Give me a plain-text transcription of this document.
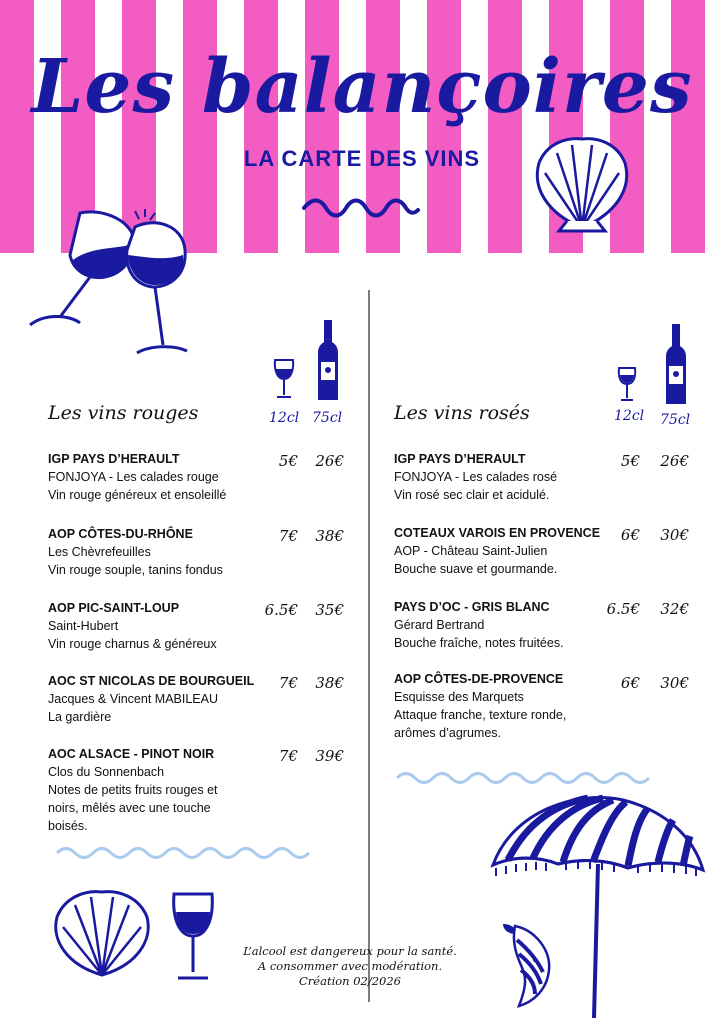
Les balançoires
LA CARTE DES VINS
Les vins rouges	12cl 75cl
IGP PAYS D’HERAULT
FONJOYA - Les calades rouge
Vin rouge généreux et ensoleillé
5€	26€
AOP CÔTES-DU-RHÔNE
Les Chèvrefeuilles
Vin rouge souple, tanins fondus
7€	38€
AOP PIC-SAINT-LOUP
Saint-Hubert
Vin rouge charnus & généreux
6.5€	35€
AOC ST NICOLAS DE BOURGUEIL
Jacques & Vincent MABILEAU
La gardière
7€	38€
AOC ALSACE - PINOT NOIR
Clos du Sonnenbach
Notes de petits fruits rouges et
noirs, mêlés avec une touche
boisés.
7€	39€
L’alcool est dangereux pour la santé.
A consommer avec modération.
Création 02/2026
Les vins rosés	12cl 75cl
IGP PAYS D’HERAULT
FONJOYA - Les calades rosé
Vin rosé sec clair et acidulé.
5€	26€
COTEAUX VAROIS EN PROVENCE
AOP - Château Saint-Julien
Bouche suave et gourmande.
6€	30€
PAYS D’OC - GRIS BLANC
Gérard Bertrand
Bouche fraîche, notes fruitées.
6.5€	32€
AOP CÔTES-DE-PROVENCE
Esquisse des Marquets
Attaque franche, texture ronde,
arômes d’agrumes.
6€	30€
